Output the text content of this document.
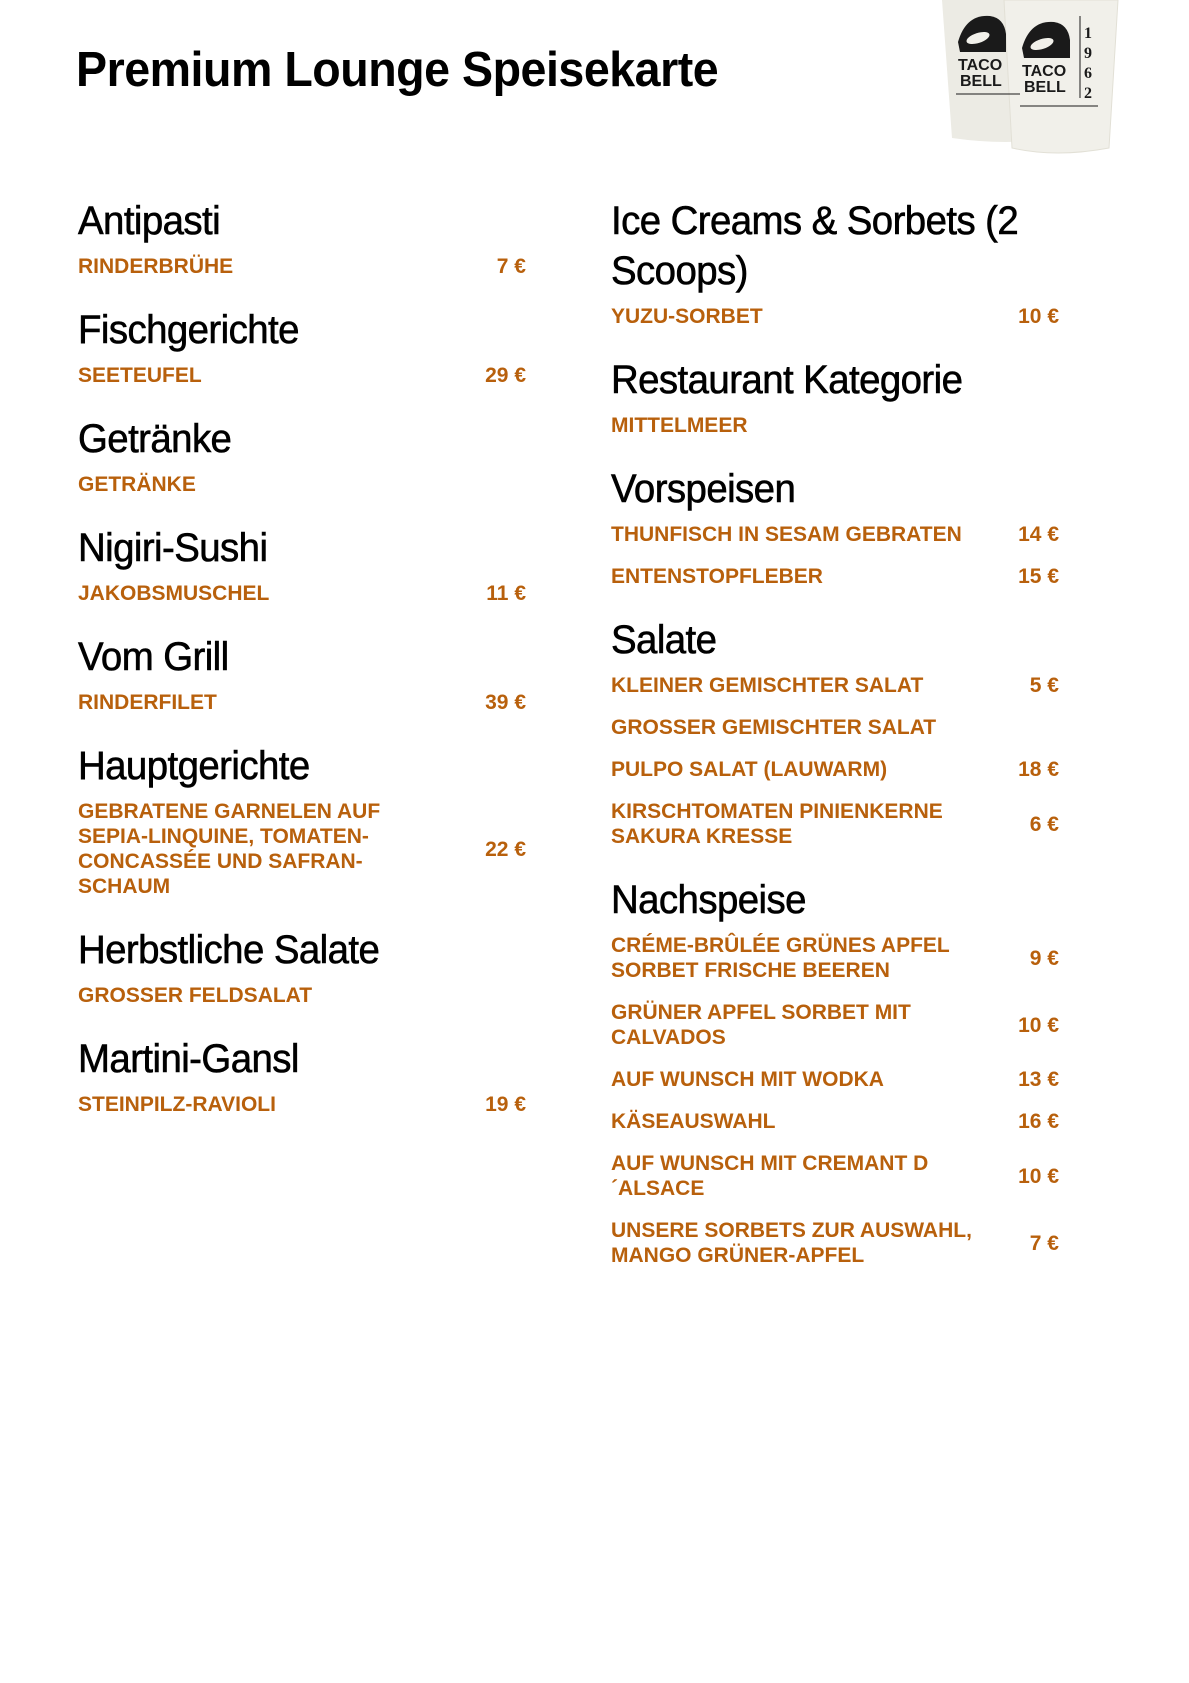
Premium Lounge Speisekarte	TACO
BELL
TACO
BELL
1
9
6
2
Antipasti
RINDERBRÜHE	7 €
Fischgerichte
SEETEUFEL	29 €
Getränke
GETRÄNKE
Nigiri-Sushi
JAKOBSMUSCHEL	11 €
Vom Grill
RINDERFILET	39 €
Hauptgerichte
GEBRATENE GARNELEN AUF SEPIA-LINQUINE, TOMATEN-CONCASSÉE UND SAFRAN-SCHAUM
22 €
Herbstliche Salate
GROSSER FELDSALAT
Martini-Gansl
STEINPILZ-RAVIOLI	19 €
Ice Creams & Sorbets (2 Scoops)
YUZU-SORBET	10 €
Restaurant Kategorie
MITTELMEER
Vorspeisen
THUNFISCH IN SESAM GEBRATEN	14 €
ENTENSTOPFLEBER	15 €
Salate
KLEINER GEMISCHTER SALAT	5 €
GROSSER GEMISCHTER SALAT
PULPO SALAT (LAUWARM)	18 €
KIRSCHTOMATEN PINIENKERNE SAKURA KRESSE
6 €
Nachspeise
CRÉME-BRÛLÉE GRÜNES APFEL SORBET FRISCHE BEEREN
9 €
GRÜNER APFEL SORBET MIT CALVADOS
10 €
AUF WUNSCH MIT WODKA	13 €
KÄSEAUSWAHL	16 €
AUF WUNSCH MIT CREMANT D ´ALSACE
10 €
UNSERE SORBETS ZUR AUSWAHL, MANGO GRÜNER-APFEL
7 €
